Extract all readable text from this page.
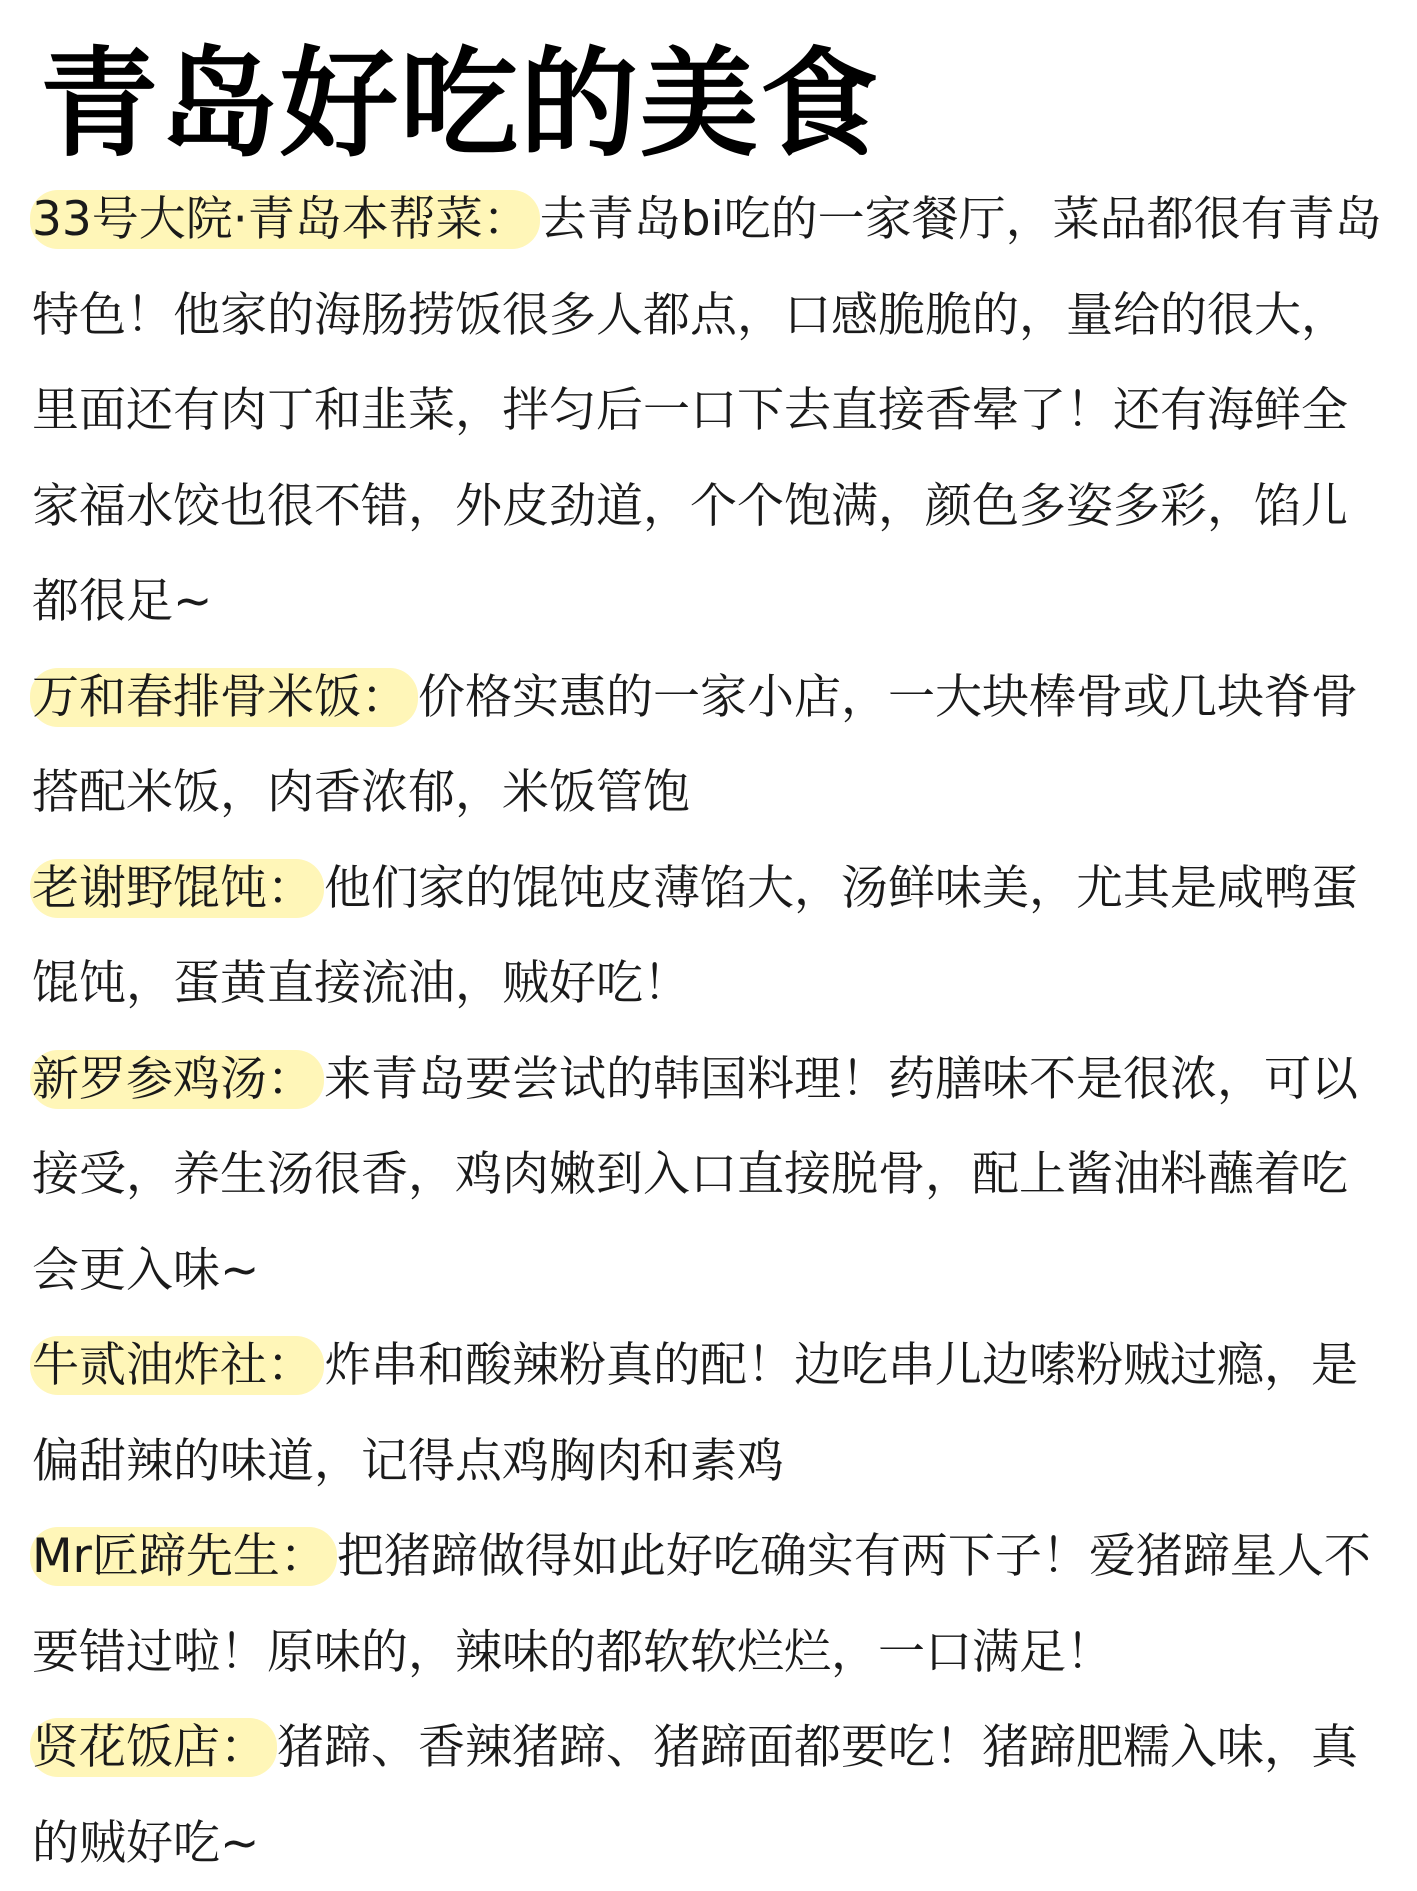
青岛好吃的美食

33号大院·青岛本帮菜： 去青岛bi吃的一家餐厅，菜品都很有青岛特色！他家的海肠捞饭很多人都点，口感脆脆的，量给的很大，里面还有肉丁和韭菜，拌匀后一口下去直接香晕了！还有海鲜全家福水饺也很不错，外皮劲道，个个饱满，颜色多姿多彩，馅儿都很足~

万和春排骨米饭： 价格实惠的一家小店，一大块棒骨或几块脊骨搭配米饭，肉香浓郁，米饭管饱

老谢野馄饨： 他们家的馄饨皮薄馅大，汤鲜味美，尤其是咸鸭蛋馄饨，蛋黄直接流油，贼好吃！

新罗参鸡汤： 来青岛要尝试的韩国料理！药膳味不是很浓，可以接受，养生汤很香，鸡肉嫩到入口直接脱骨，配上酱油料蘸着吃会更入味~

牛贰油炸社： 炸串和酸辣粉真的配！边吃串儿边嗦粉贼过瘾，是偏甜辣的味道，记得点鸡胸肉和素鸡

Mr匠蹄先生： 把猪蹄做得如此好吃确实有两下子！爱猪蹄星人不要错过啦！原味的，辣味的都软软烂烂，一口满足！

贤花饭店： 猪蹄、香辣猪蹄、猪蹄面都要吃！猪蹄肥糯入味，真的贼好吃~
